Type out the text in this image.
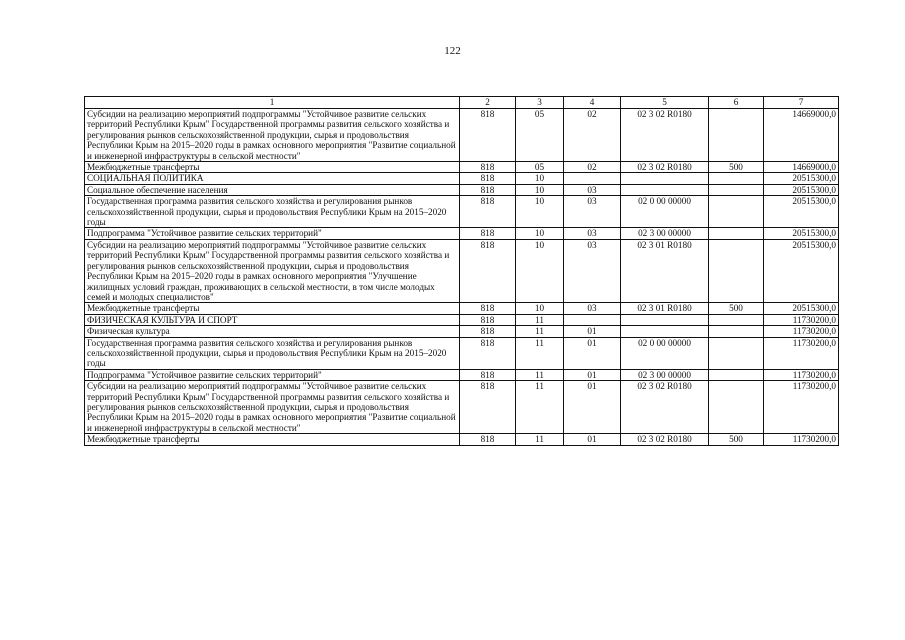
122
1	2	3	4	5	6	7
Субсидии на реализацию мероприятий подпрограммы "Устойчивое развитие сельских территорий Республики Крым" Государственной программы развития сельского хозяйства и регулирования рынков сельскохозяйственной продукции, сырья и продовольствия Республики Крым на 2015–2020 годы в рамках основного мероприятия "Развитие социальной и инженерной инфраструктуры в сельской местности"	818	05	02	02 3 02 R0180		14669000,0
Межбюджетные трансферты	818	05	02	02 3 02 R0180	500	14669000,0
СОЦИАЛЬНАЯ ПОЛИТИКА	818	10				20515300,0
Социальное обеспечение населения	818	10	03			20515300,0
Государственная программа развития сельского хозяйства и регулирования рынков сельскохозяйственной продукции, сырья и продовольствия Республики Крым на 2015–2020 годы	818	10	03	02 0 00 00000		20515300,0
Подпрограмма "Устойчивое развитие сельских территорий"	818	10	03	02 3 00 00000		20515300,0
Субсидии на реализацию мероприятий подпрограммы "Устойчивое развитие сельских территорий Республики Крым" Государственной программы развития сельского хозяйства и регулирования рынков сельскохозяйственной продукции, сырья и продовольствия Республики Крым на 2015–2020 годы в рамках основного мероприятия "Улучшение жилищных условий граждан, проживающих в сельской местности, в том числе молодых семей и молодых специалистов"	818	10	03	02 3 01 R0180		20515300,0
Межбюджетные трансферты	818	10	03	02 3 01 R0180	500	20515300,0
ФИЗИЧЕСКАЯ КУЛЬТУРА И СПОРТ	818	11				11730200,0
Физическая культура	818	11	01			11730200,0
Государственная программа развития сельского хозяйства и регулирования рынков сельскохозяйственной продукции, сырья и продовольствия Республики Крым на 2015–2020 годы	818	11	01	02 0 00 00000		11730200,0
Подпрограмма "Устойчивое развитие сельских территорий"	818	11	01	02 3 00 00000		11730200,0
Субсидии на реализацию мероприятий подпрограммы "Устойчивое развитие сельских территорий Республики Крым" Государственной программы развития сельского хозяйства и регулирования рынков сельскохозяйственной продукции, сырья и продовольствия Республики Крым на 2015–2020 годы в рамках основного мероприятия "Развитие социальной и инженерной инфраструктуры в сельской местности"	818	11	01	02 3 02 R0180		11730200,0
Межбюджетные трансферты	818	11	01	02 3 02 R0180	500	11730200,0
